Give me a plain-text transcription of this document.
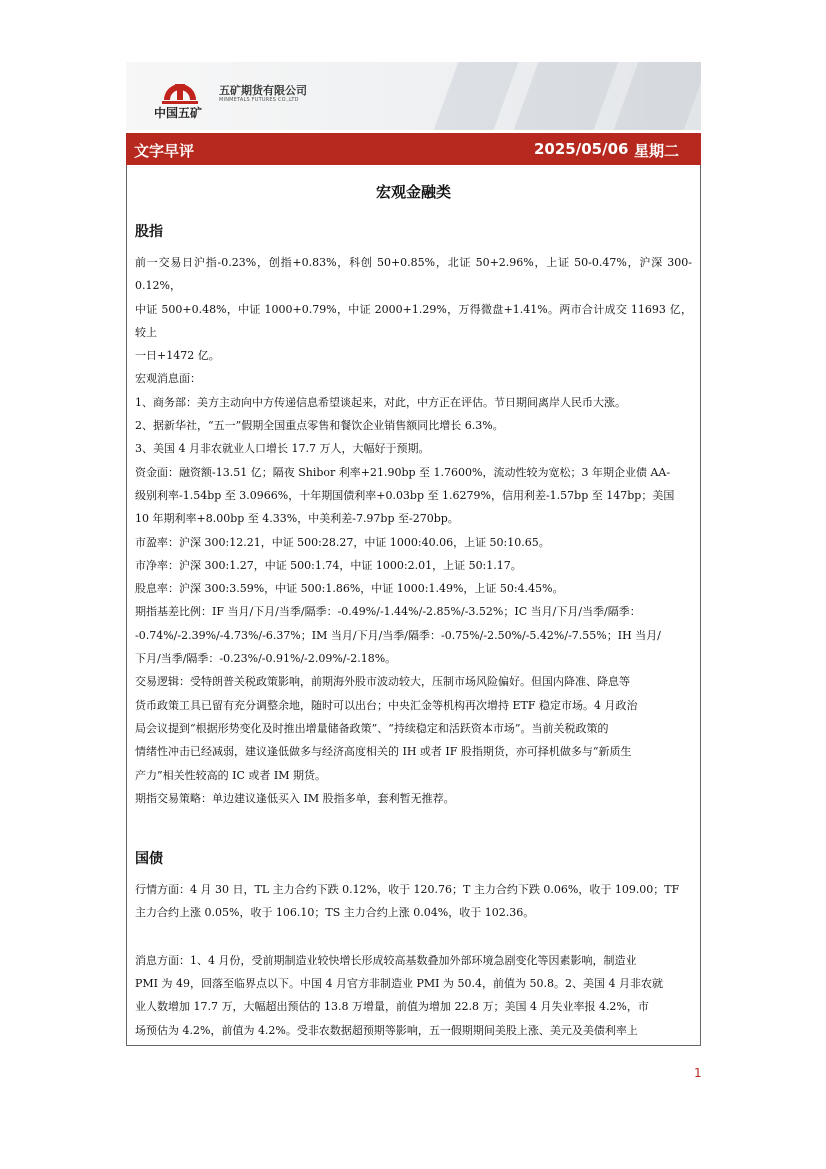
中国五矿
五矿期货有限公司
MINMETALS FUTURES CO.,LTD
文字早评	2025/05/06 星期二
宏观金融类
股指

前一交易日沪指-0.23%，创指+0.83%，科创 50+0.85%，北证 50+2.96%，上证 50-0.47%，沪深 300-0.12%，

中证 500+0.48%，中证 1000+0.79%，中证 2000+1.29%，万得微盘+1.41%。两市合计成交 11693 亿，较上

一日+1472 亿。

宏观消息面：

1、商务部：美方主动向中方传递信息希望谈起来，对此，中方正在评估。节日期间离岸人民币大涨。

2、据新华社，“五一”假期全国重点零售和餐饮企业销售额同比增长 6.3%。

3、美国 4 月非农就业人口增长 17.7 万人，大幅好于预期。

资金面：融资额-13.51 亿；隔夜 Shibor 利率+21.90bp 至 1.7600%，流动性较为宽松；3 年期企业债 AA-

级别利率-1.54bp 至 3.0966%，十年期国债利率+0.03bp 至 1.6279%，信用利差-1.57bp 至 147bp；美国

10 年期利率+8.00bp 至 4.33%，中美利差-7.97bp 至-270bp。

市盈率：沪深 300:12.21，中证 500:28.27，中证 1000:40.06，上证 50:10.65。

市净率：沪深 300:1.27，中证 500:1.74，中证 1000:2.01，上证 50:1.17。

股息率：沪深 300:3.59%，中证 500:1.86%，中证 1000:1.49%，上证 50:4.45%。

期指基差比例：IF 当月/下月/当季/隔季：-0.49%/-1.44%/-2.85%/-3.52%；IC 当月/下月/当季/隔季：

-0.74%/-2.39%/-4.73%/-6.37%；IM 当月/下月/当季/隔季：-0.75%/-2.50%/-5.42%/-7.55%；IH 当月/

下月/当季/隔季：-0.23%/-0.91%/-2.09%/-2.18%。

交易逻辑：受特朗普关税政策影响，前期海外股市波动较大，压制市场风险偏好。但国内降准、降息等

货币政策工具已留有充分调整余地，随时可以出台；中央汇金等机构再次增持 ETF 稳定市场。4 月政治

局会议提到“根据形势变化及时推出增量储备政策”、“持续稳定和活跃资本市场”。当前关税政策的

情绪性冲击已经减弱，建议逢低做多与经济高度相关的 IH 或者 IF 股指期货，亦可择机做多与“新质生

产力”相关性较高的 IC 或者 IM 期货。

期指交易策略：单边建议逢低买入 IM 股指多单，套利暂无推荐。

国债

行情方面：4 月 30 日，TL 主力合约下跌 0.12%，收于 120.76；T 主力合约下跌 0.06%，收于 109.00；TF

主力合约上涨 0.05%，收于 106.10；TS 主力合约上涨 0.04%，收于 102.36。

消息方面：1、4 月份，受前期制造业较快增长形成较高基数叠加外部环境急剧变化等因素影响，制造业

PMI 为 49，回落至临界点以下。中国 4 月官方非制造业 PMI 为 50.4，前值为 50.8。2、美国 4 月非农就

业人数增加 17.7 万，大幅超出预估的 13.8 万增量，前值为增加 22.8 万；美国 4 月失业率报 4.2%，市

场预估为 4.2%，前值为 4.2%。受非农数据超预期等影响，五一假期期间美股上涨、美元及美债利率上

1
